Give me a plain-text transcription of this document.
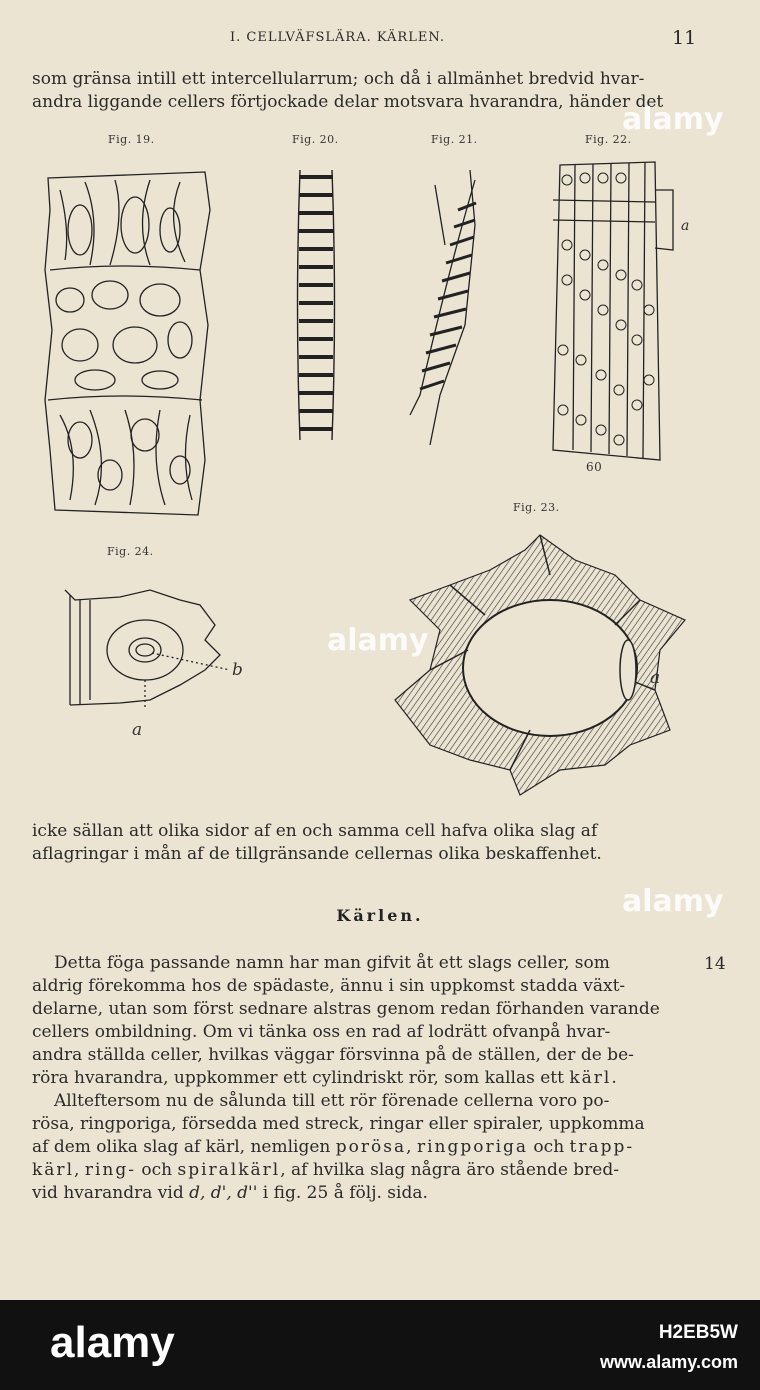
I. CELLVÄFSLÄRA. KÄRLEN.	11

som gränsa intill ett intercellularrum; och då i allmänhet bredvid hvar-

andra liggande cellers förtjockade delar motsvara hvarandra, händer det

Fig. 19.	Fig. 20.	Fig. 21.	Fig. 22.
Fig. 23.
Fig. 24.
a
60
b
a
a

icke sällan att olika sidor af en och samma cell hafva olika slag af

aflagringar i mån af de tillgränsande cellernas olika beskaffenhet.

Kärlen.
14

Detta föga passande namn har man gifvit åt ett slags celler, som

aldrig förekomma hos de spädaste, ännu i sin uppkomst stadda växt-

delarne, utan som först sednare alstras genom redan förhanden varande

cellers ombildning. Om vi tänka oss en rad af lodrätt ofvanpå hvar-

andra ställda celler, hvilkas väggar försvinna på de ställen, der de be-

röra hvarandra, uppkommer ett cylindriskt rör, som kallas ett kärl.

Allteftersom nu de sålunda till ett rör förenade cellerna voro po-

rösa, ringporiga, försedda med streck, ringar eller spiraler, uppkomma

af dem olika slag af kärl, nemligen porösa, ringporiga och trapp-

kärl, ring- och spiralkärl, af hvilka slag några äro stående bred-

vid hvarandra vid d, d', d'' i fig. 25 å följ. sida.

alamy
alamy
alamy
alamy	H2EB5W
www.alamy.com
